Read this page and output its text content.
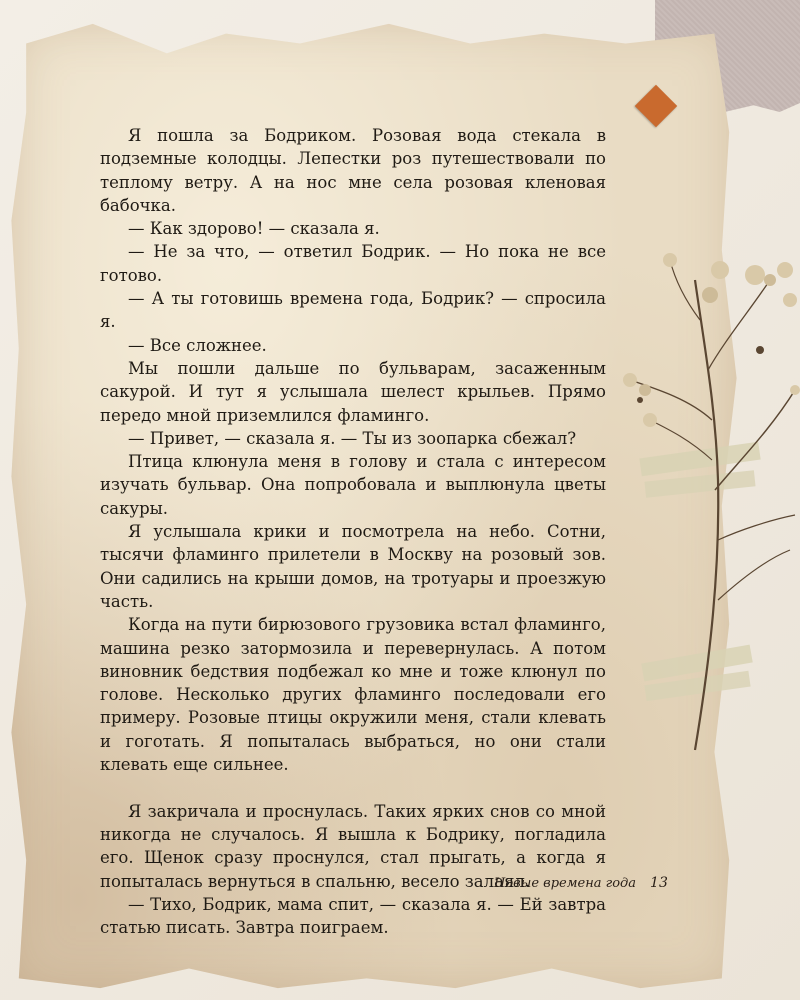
Я пошла за Бодриком. Розовая вода стекала в подземные колодцы. Лепестки роз путешествовали по теплому ветру. А на нос мне села розовая кленовая бабочка.

— Как здорово! — сказала я.

— Не за что, — ответил Бодрик. — Но пока не все готово.

— А ты готовишь времена года, Бодрик? — спросила я.

— Все сложнее.

Мы пошли дальше по бульварам, засаженным сакурой. И тут я услышала шелест крыльев. Прямо передо мной приземлился фламинго.

— Привет, — сказала я. — Ты из зоопарка сбежал?

Птица клюнула меня в голову и стала с интересом изучать бульвар. Она попробовала и выплюнула цветы сакуры.

Я услышала крики и посмотрела на небо. Сотни, тысячи фламинго прилетели в Москву на розовый зов. Они садились на крыши домов, на тротуары и проезжую часть.

Когда на пути бирюзового грузовика встал фламинго, машина резко затормозила и перевернулась. А потом виновник бедствия подбежал ко мне и тоже клюнул по голове. Несколько других фламинго последовали его примеру. Розовые птицы окружили меня, стали клевать и гоготать. Я попыталась выбраться, но они стали клевать еще сильнее.

Я закричала и проснулась. Таких ярких снов со мной никогда не случалось. Я вышла к Бодрику, погладила его. Щенок сразу проснулся, стал прыгать, а когда я попыталась вернуться в спальню, весело залаял.

— Тихо, Бодрик, мама спит, — сказала я. — Ей завтра статью писать. Завтра поиграем.

Новые времена года 13
